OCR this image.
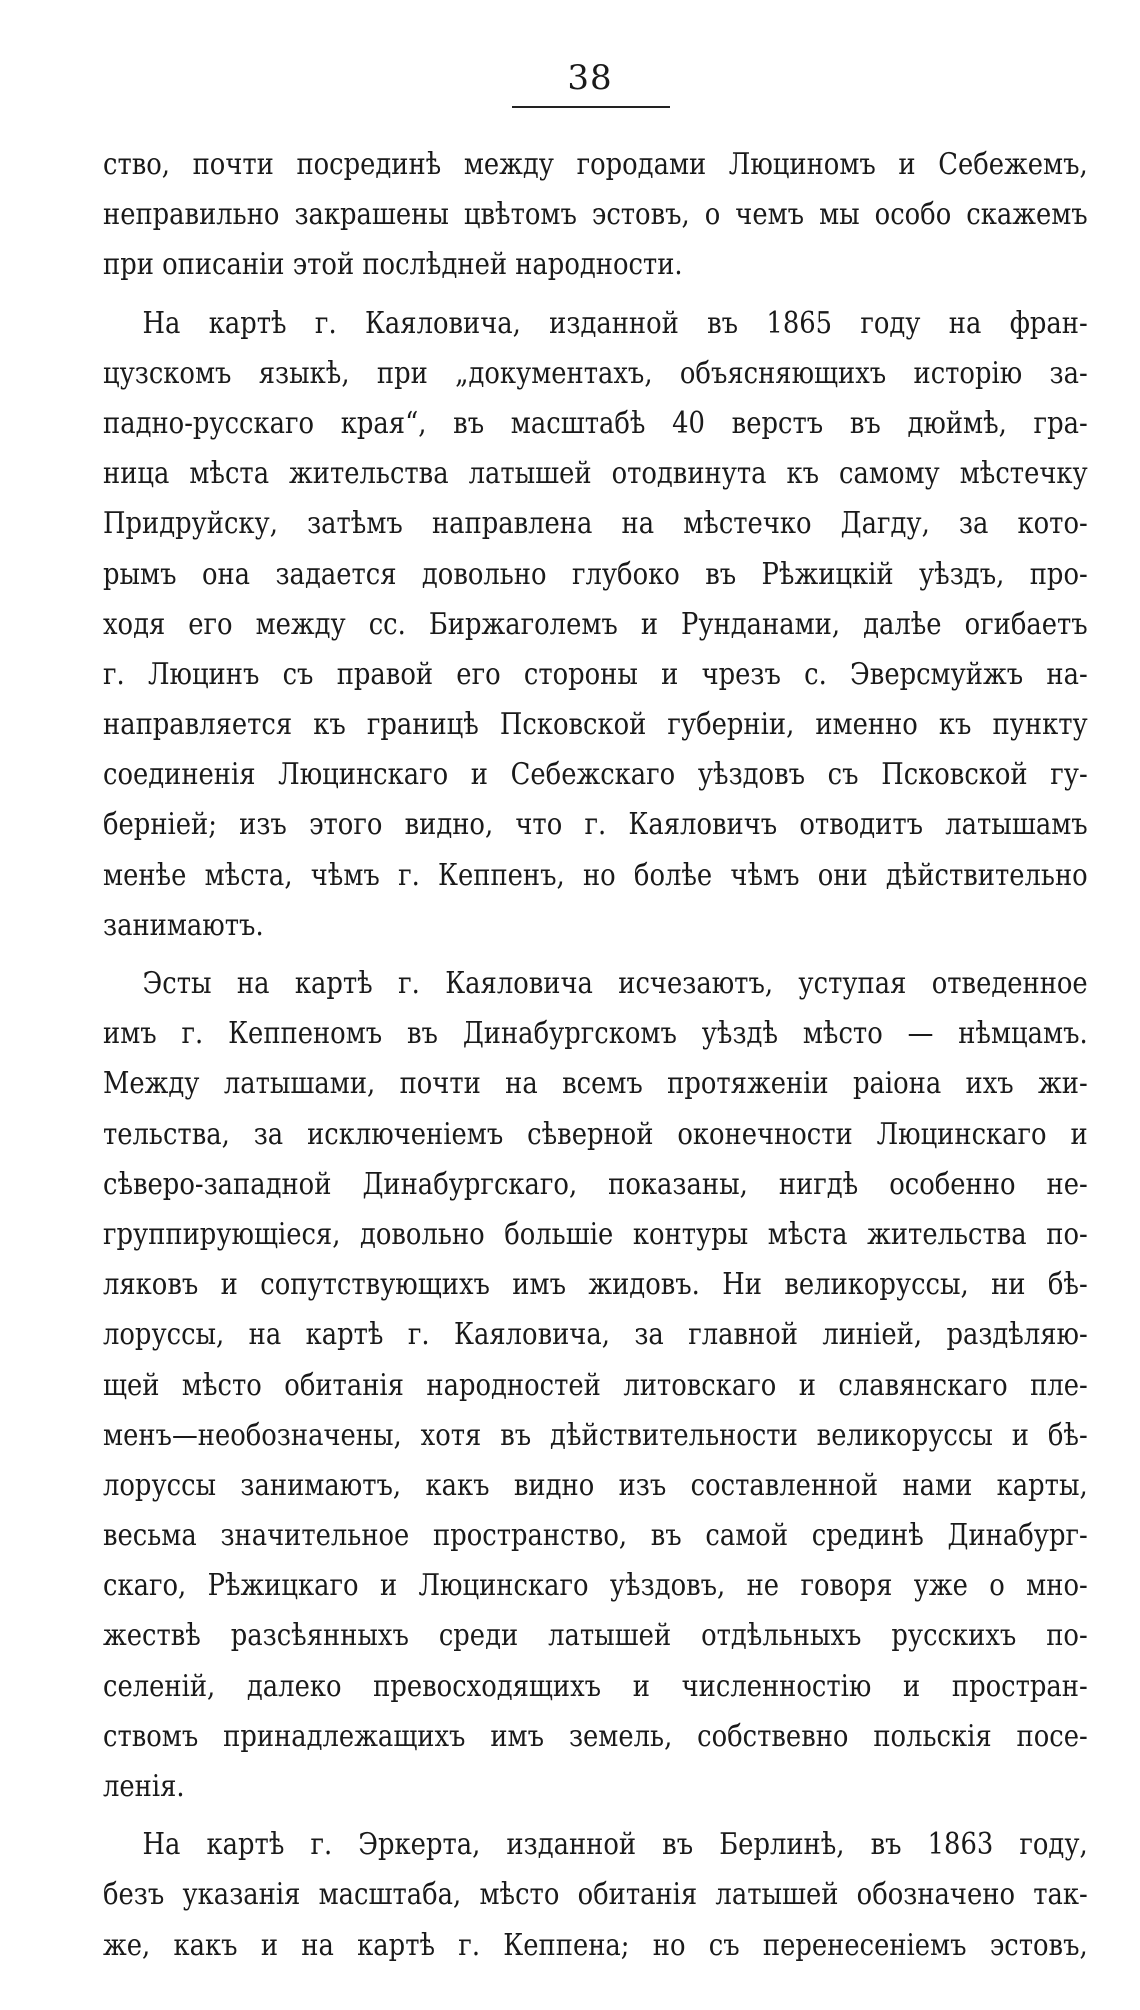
38
ство, почти посрединѣ между городами Люциномъ и Себежемъ,
неправильно закрашены цвѣтомъ эстовъ, о чемъ мы особо скажемъ
при описаніи этой послѣдней народности.
На картѣ г. Каяловича, изданной въ 1865 году на фран-
цузскомъ языкѣ, при „документахъ, объясняющихъ исторію за-
падно-русскаго края“, въ масштабѣ 40 верстъ въ дюймѣ, гра-
ница мѣста жительства латышей отодвинута къ самому мѣстечку
Придруйску, затѣмъ направлена на мѣстечко Дагду, за кото-
рымъ она задается довольно глубоко въ Рѣжицкій уѣздъ, про-
ходя его между сс. Биржаголемъ и Рунданами, далѣе огибаетъ
г. Люцинъ съ правой его стороны и чрезъ с. Эверсмуйжъ на-
направляется къ границѣ Псковской губерніи, именно къ пункту
соединенія Люцинскаго и Себежскаго уѣздовъ съ Псковской гу-
берніей; изъ этого видно, что г. Каяловичъ отводитъ латышамъ
менѣе мѣста, чѣмъ г. Кеппенъ, но болѣе чѣмъ они дѣйствительно
занимаютъ.
Эсты на картѣ г. Каяловича исчезаютъ, уступая отведенное
имъ г. Кеппеномъ въ Динабургскомъ уѣздѣ мѣсто — нѣмцамъ.
Между латышами, почти на всемъ протяженіи раіона ихъ жи-
тельства, за исключеніемъ сѣверной оконечности Люцинскаго и
сѣверо-западной Динабургскаго, показаны, нигдѣ особенно не-
группирующіеся, довольно большіе контуры мѣста жительства по-
ляковъ и сопутствующихъ имъ жидовъ. Ни великоруссы, ни бѣ-
лоруссы, на картѣ г. Каяловича, за главной линіей, раздѣляю-
щей мѣсто обитанія народностей литовскаго и славянскаго пле-
менъ—необозначены, хотя въ дѣйствительности великоруссы и бѣ-
лоруссы занимаютъ, какъ видно изъ составленной нами карты,
весьма значительное пространство, въ самой срединѣ Динабург-
скаго, Рѣжицкаго и Люцинскаго уѣздовъ, не говоря уже о мно-
жествѣ разсѣянныхъ среди латышей отдѣльныхъ русскихъ по-
селеній, далеко превосходящихъ и численностію и простран-
ствомъ принадлежащихъ имъ земель, собствевно польскія посе-
ленія.
На картѣ г. Эркерта, изданной въ Берлинѣ, въ 1863 году,
безъ указанія масштаба, мѣсто обитанія латышей обозначено так-
же, какъ и на картѣ г. Кеппена; но съ перенесеніемъ эстовъ,
